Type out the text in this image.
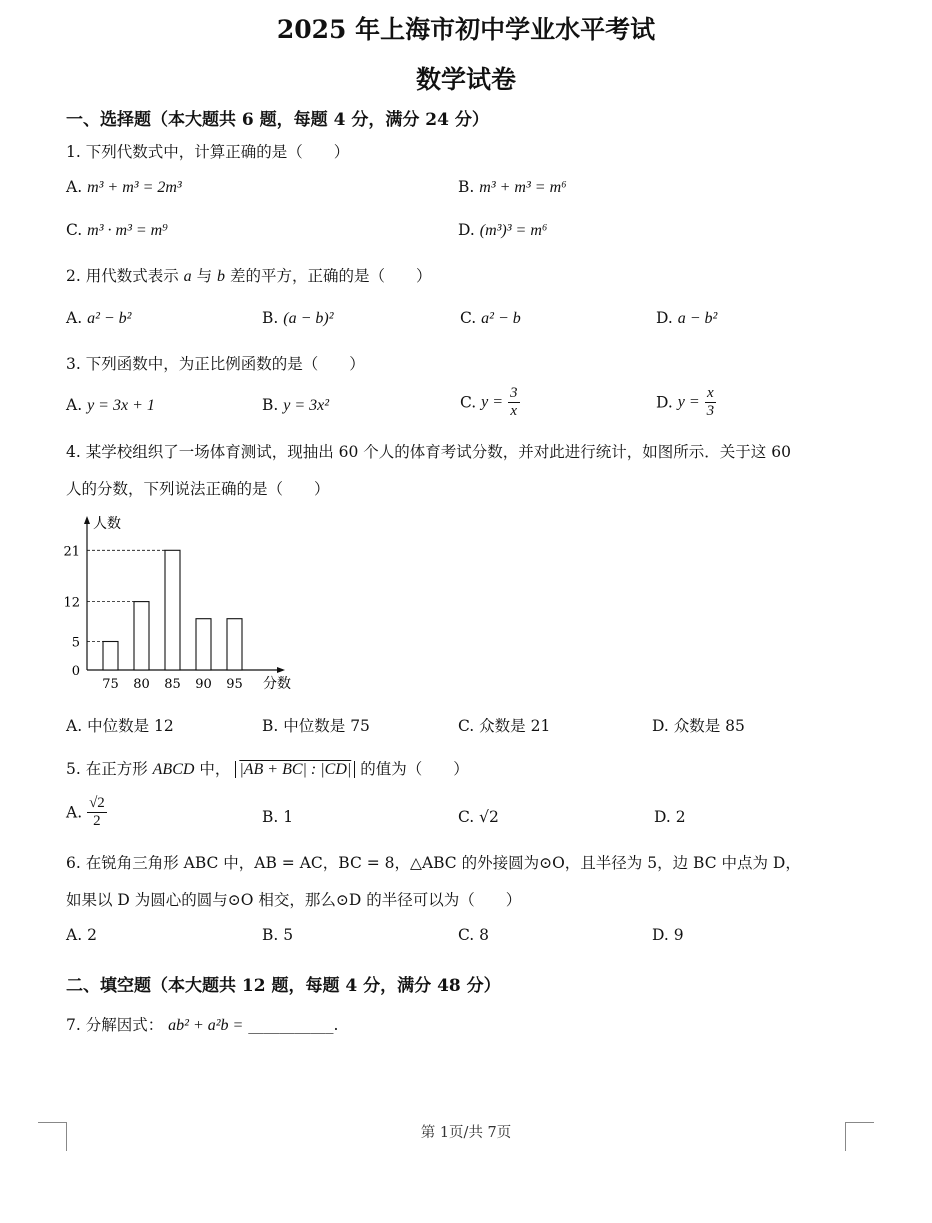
2025 年上海市初中学业水平考试
数学试卷
一、选择题（本大题共 6 题，每题 4 分，满分 24 分）
1. 下列代数式中，计算正确的是（　　）
A. m³ + m³ = 2m³	B. m³ + m³ = m⁶
C. m³ · m³ = m⁹	D. (m³)³ = m⁶
2. 用代数式表示 a 与 b 差的平方，正确的是（　　）
A. a² − b²	B. (a − b)²	C. a² − b	D. a − b²
3. 下列函数中，为正比例函数的是（　　）
A. y = 3x + 1	B. y = 3x²	C. $y = \frac{3}{x}$	D. $y = \frac{x}{3}$
4. 某学校组织了一场体育测试，现抽出 60 个人的体育考试分数，并对此进行统计，如图所示．关于这 60
人的分数，下列说法正确的是（　　）
人数
分数
0
5
12
21
75 80 85 90 95
A. 中位数是 12	B. 中位数是 75	C. 众数是 21	D. 众数是 85
5. 在正方形 ABCD 中， |AB + BC| : |CD| 的值为（　　）
A. $\frac{√2}{2}$	B. 1	C. √2	D. 2
6. 在锐角三角形 ABC 中，AB = AC，BC = 8，△ABC 的外接圆为⊙O，且半径为 5，边 BC 中点为 D，
如果以 D 为圆心的圆与⊙O 相交，那么⊙D 的半径可以为（　　）
A. 2	B. 5	C. 8	D. 9
二、填空题（本大题共 12 题，每题 4 分，满分 48 分）
7. 分解因式： ab² + a²b = ___________.
第 1页/共 7页
